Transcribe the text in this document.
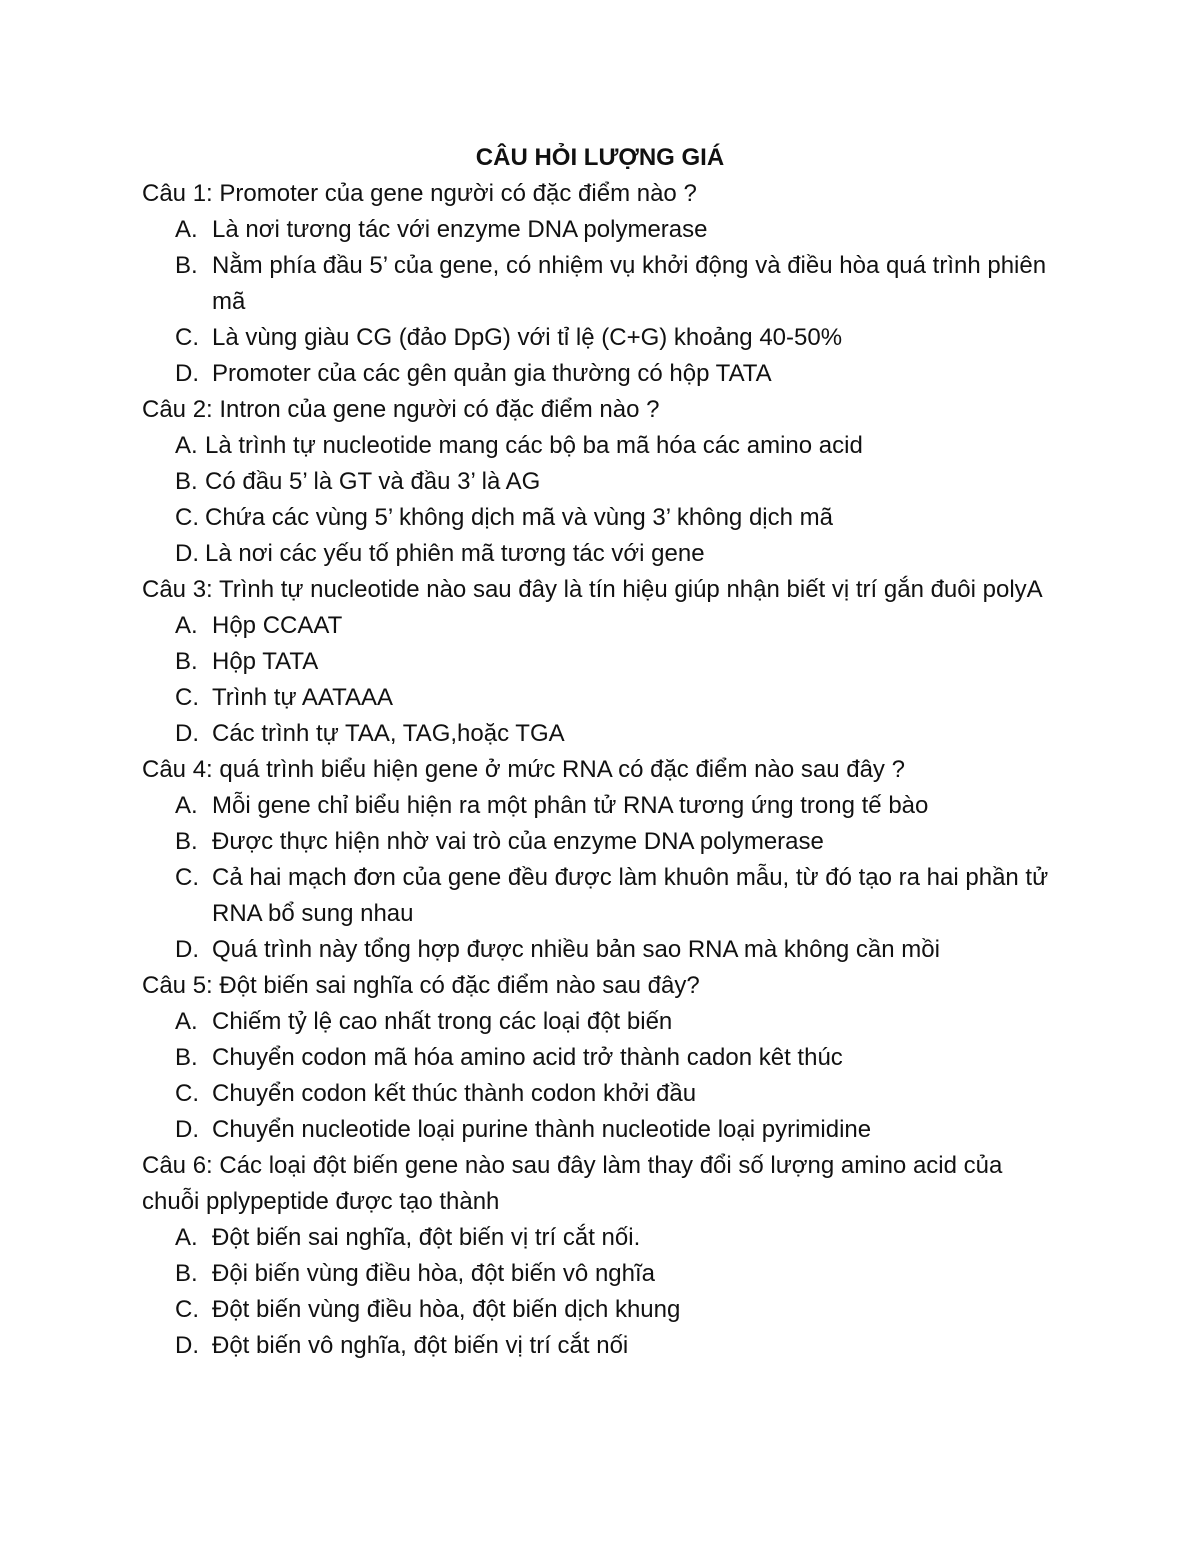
CÂU HỎI LƯỢNG GIÁ

Câu 1: Promoter của gene người có đặc điểm nào ?

A. Là nơi tương tác với enzyme DNA polymerase
B. Nằm phía đầu 5’ của gene, có nhiệm vụ khởi động và điều hòa quá trình phiên mã
C. Là vùng giàu CG (đảo DpG) với tỉ lệ (C+G) khoảng 40-50%
D. Promoter của các gên quản gia thường có hộp TATA

Câu 2: Intron của gene người có đặc điểm nào ?

A. Là trình tự nucleotide mang các bộ ba mã hóa các amino acid
B. Có đầu 5’ là GT và đầu 3’ là AG
C. Chứa các vùng 5’ không dịch mã và vùng 3’ không dịch mã
D. Là nơi các yếu tố phiên mã tương tác với gene

Câu 3: Trình tự nucleotide nào sau đây là tín hiệu giúp nhận biết vị trí gắn đuôi polyA

A. Hộp CCAAT
B. Hộp TATA
C. Trình tự AATAAA
D. Các trình tự TAA, TAG,hoặc TGA

Câu 4: quá trình biểu hiện gene ở mức RNA có đặc điểm nào sau đây ?

A. Mỗi gene chỉ biểu hiện ra một phân tử RNA tương ứng trong tế bào
B. Được thực hiện nhờ vai trò của enzyme DNA polymerase
C. Cả hai mạch đơn của gene đều được làm khuôn mẫu, từ đó tạo ra hai phần tử RNA bổ sung nhau
D. Quá trình này tổng hợp được nhiều bản sao RNA mà không cần mồi

Câu 5: Đột biến sai nghĩa có đặc điểm nào sau đây?

A. Chiếm tỷ lệ cao nhất trong các loại đột biến
B. Chuyển codon mã hóa amino acid trở thành cadon kêt thúc
C. Chuyển codon kết thúc thành codon khởi đầu
D. Chuyển nucleotide loại purine thành nucleotide loại pyrimidine

Câu 6: Các loại đột biến gene nào sau đây làm thay đổi số lượng amino acid của chuỗi pplypeptide được tạo thành

A. Đột biến sai nghĩa, đột biến vị trí cắt nối.
B. Đội biến vùng điều hòa, đột biến vô nghĩa
C. Đột biến vùng điều hòa, đột biến dịch khung
D. Đột biến vô nghĩa, đột biến vị trí cắt nối
